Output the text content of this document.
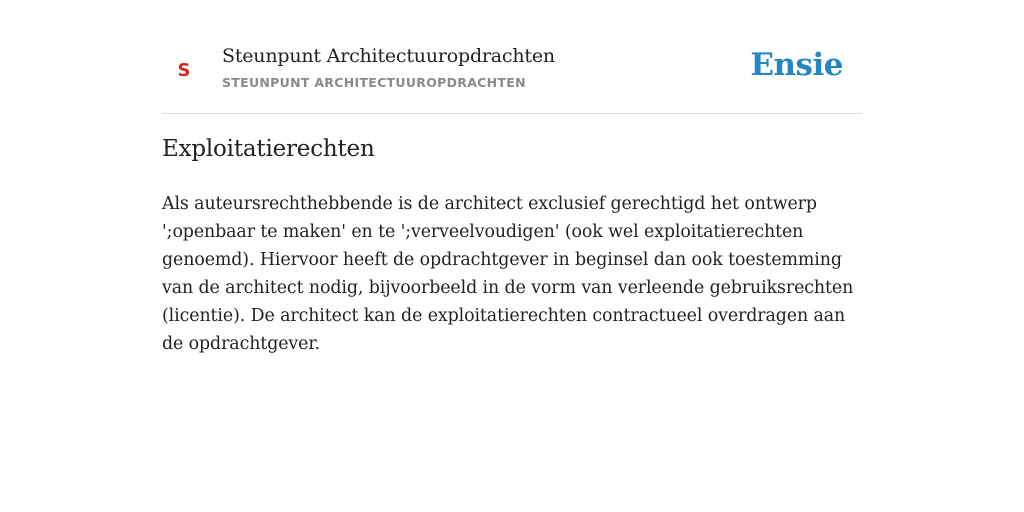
S
Steunpunt Architectuuropdrachten
STEUNPUNT ARCHITECTUUROPDRACHTEN	Ensie
Exploitatierechten

Als auteursrechthebbende is de architect exclusief gerechtigd het ontwerp ';openbaar te maken' en te ';verveelvoudigen' (ook wel exploitatierechten genoemd). Hiervoor heeft de opdrachtgever in beginsel dan ook toestemming van de architect nodig, bijvoorbeeld in de vorm van verleende gebruiksrechten (licentie). De architect kan de exploitatierechten contractueel overdragen aan de opdrachtgever.
